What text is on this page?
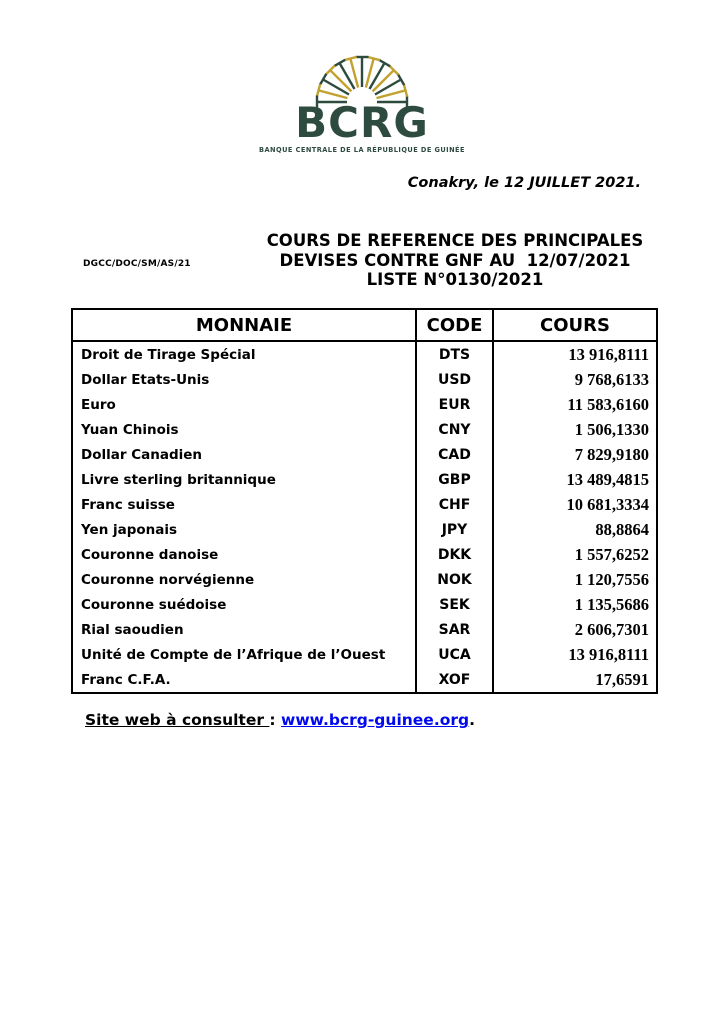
BCRG
BANQUE CENTRALE DE LA RÉPUBLIQUE DE GUINÉE
Conakry, le 12 JUILLET 2021.
DGCC/DOC/SM/AS/21
COURS DE REFERENCE DES PRINCIPALES
DEVISES CONTRE GNF AU  12/07/2021
LISTE N°0130/2021
MONNAIE	CODE	COURS
Droit de Tirage Spécial	DTS	13 916,8111
Dollar Etats-Unis	USD	9 768,6133
Euro	EUR	11 583,6160
Yuan Chinois	CNY	1 506,1330
Dollar Canadien	CAD	7 829,9180
Livre sterling britannique	GBP	13 489,4815
Franc suisse	CHF	10 681,3334
Yen japonais	JPY	88,8864
Couronne danoise	DKK	1 557,6252
Couronne norvégienne	NOK	1 120,7556
Couronne suédoise	SEK	1 135,5686
Rial saoudien	SAR	2 606,7301
Unité de Compte de l’Afrique de l’Ouest	UCA	13 916,8111
Franc C.F.A.	XOF	17,6591
Site web à consulter : www.bcrg-guinee.org.
